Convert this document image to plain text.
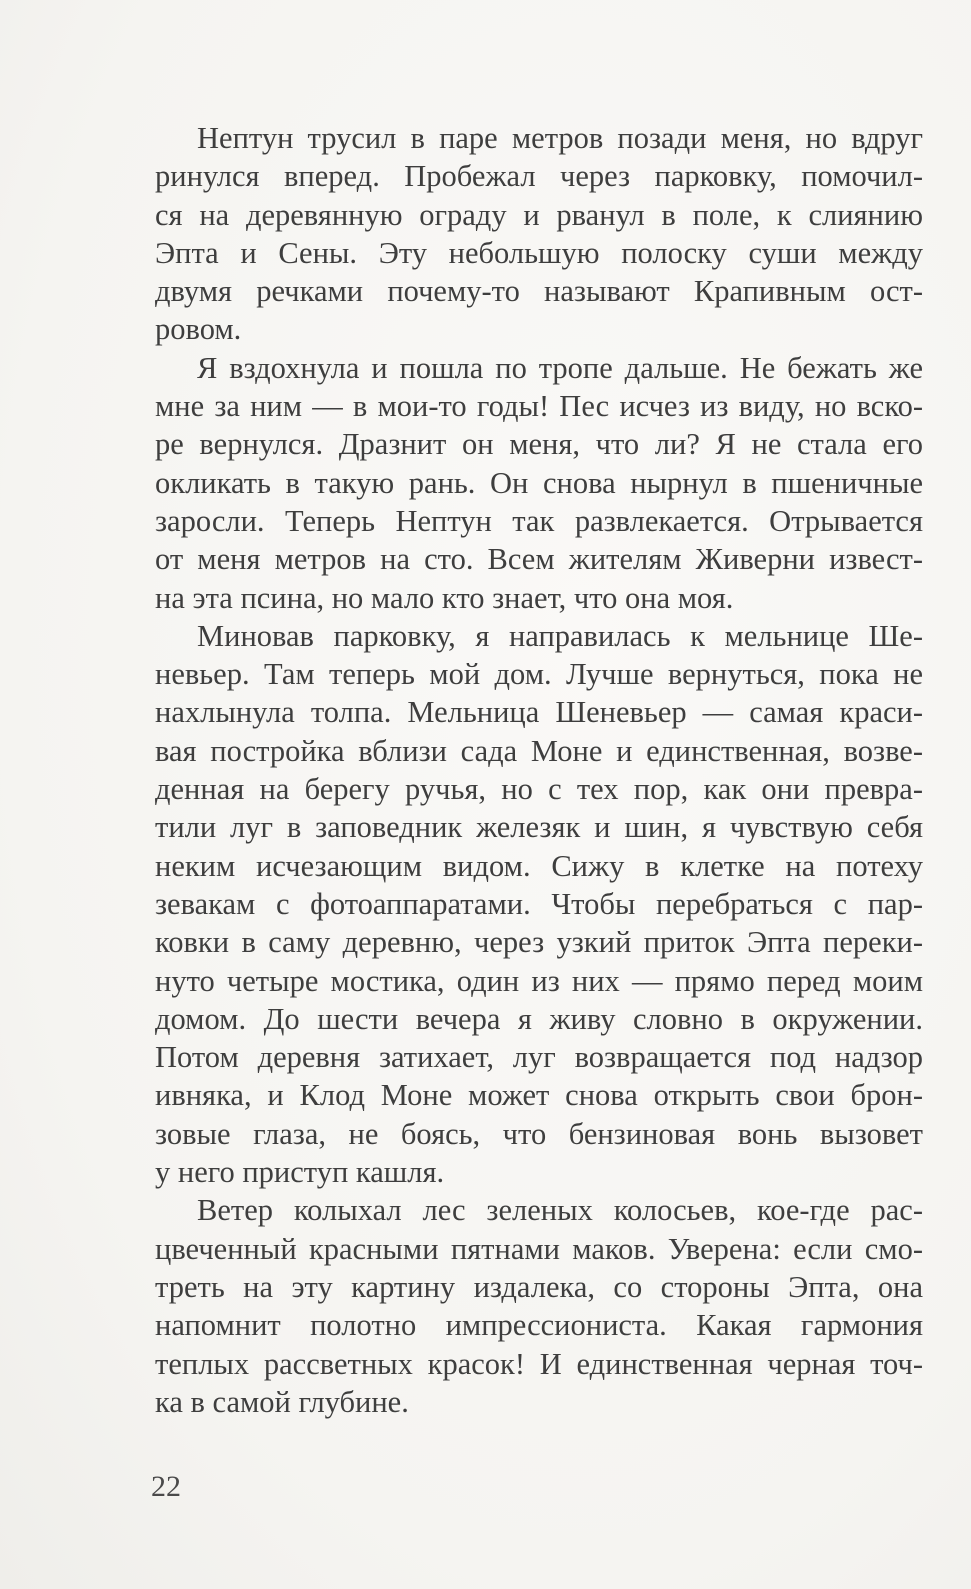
Нептун трусил в паре метров позади меня, но вдруг
ринулся вперед. Пробежал через парковку, помочил-
ся на деревянную ограду и рванул в поле, к слиянию
Эпта и Сены. Эту небольшую полоску суши между
двумя речками почему-то называют Крапивным ост-
ровом.
Я вздохнула и пошла по тропе дальше. Не бежать же
мне за ним — в мои-то годы! Пес исчез из виду, но вско-
ре вернулся. Дразнит он меня, что ли? Я не стала его
окликать в такую рань. Он снова нырнул в пшеничные
заросли. Теперь Нептун так развлекается. Отрывается
от меня метров на сто. Всем жителям Живерни извест-
на эта псина, но мало кто знает, что она моя.
Миновав парковку, я направилась к мельнице Ше-
невьер. Там теперь мой дом. Лучше вернуться, пока не
нахлынула толпа. Мельница Шеневьер — самая краси-
вая постройка вблизи сада Моне и единственная, возве-
денная на берегу ручья, но с тех пор, как они превра-
тили луг в заповедник железяк и шин, я чувствую себя
неким исчезающим видом. Сижу в клетке на потеху
зевакам с фотоаппаратами. Чтобы перебраться с пар-
ковки в саму деревню, через узкий приток Эпта переки-
нуто четыре мостика, один из них — прямо перед моим
домом. До шести вечера я живу словно в окружении.
Потом деревня затихает, луг возвращается под надзор
ивняка, и Клод Моне может снова открыть свои брон-
зовые глаза, не боясь, что бензиновая вонь вызовет
у него приступ кашля.
Ветер колыхал лес зеленых колосьев, кое-где рас-
цвеченный красными пятнами маков. Уверена: если смо-
треть на эту картину издалека, со стороны Эпта, она
напомнит полотно импрессиониста. Какая гармония
теплых рассветных красок! И единственная черная точ-
ка в самой глубине.
22
